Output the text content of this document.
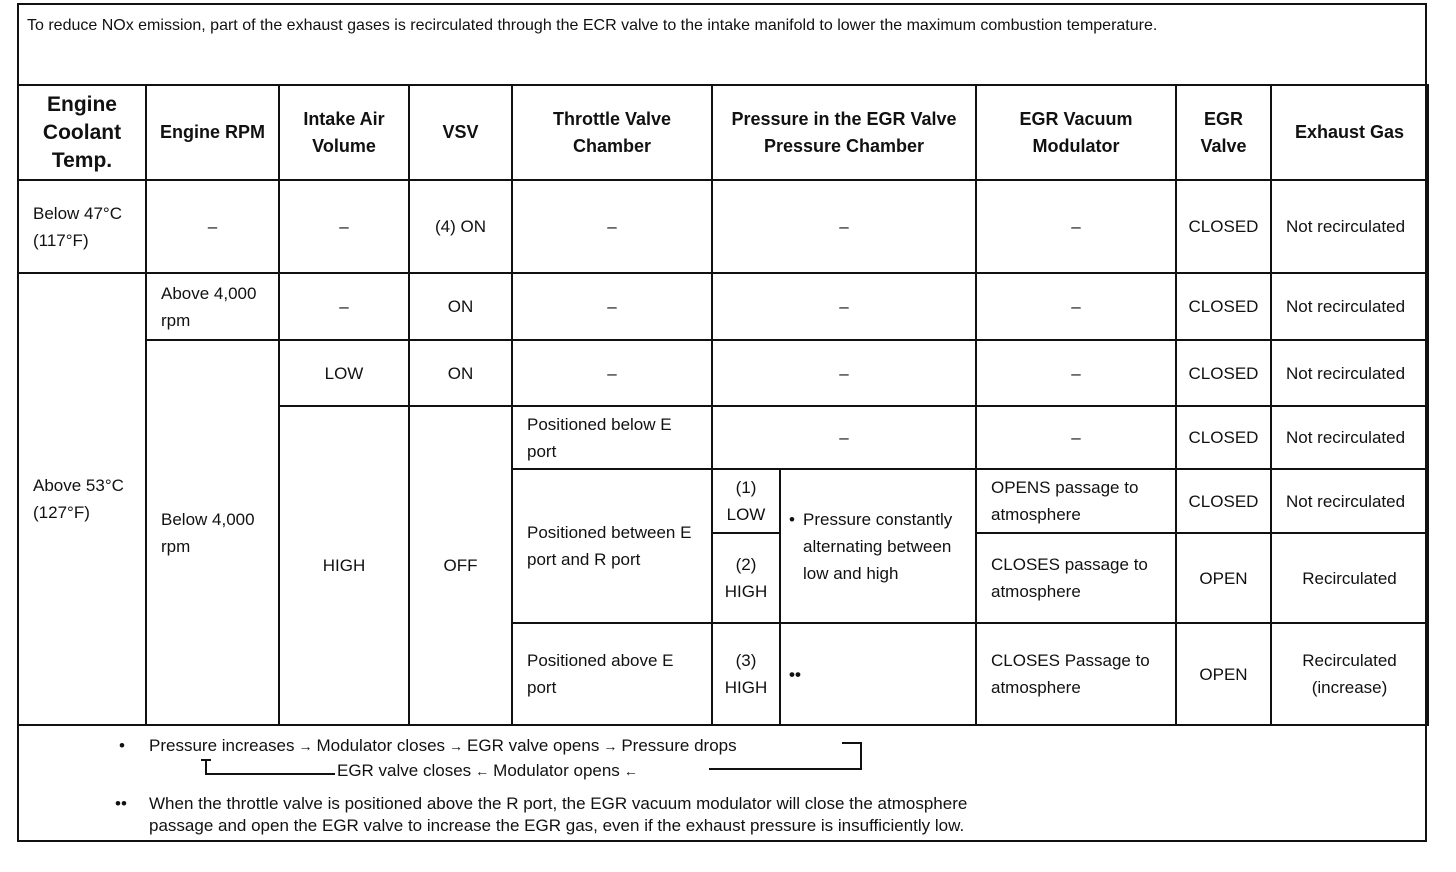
To reduce NOx emission, part of the exhaust gases is recirculated through the ECR valve to the intake manifold to lower the maximum combustion temperature.
Engine Coolant Temp.	Engine RPM	Intake Air Volume	VSV	Throttle Valve Chamber	Pressure in the EGR Valve Pressure Chamber		EGR Vacuum Modulator	EGR Valve	Exhaust Gas
Below 47°C (117°F)	–	–	(4) ON	–	–		–	CLOSED	Not recirculated
Above 53°C (127°F)	Above 4,000 rpm	–	ON	–	–		–	CLOSED	Not recirculated
	Below 4,000 rpm	LOW	ON	–	–		–	CLOSED	Not recirculated
		HIGH	OFF	Positioned below E port	–		–	CLOSED	Not recirculated
				Positioned between E port and R port	(1) LOW	• Pressure constantly alternating between low and high	OPENS passage to atmosphere	CLOSED	Not recirculated
					(2) HIGH		CLOSES passage to atmosphere	OPEN	Recirculated
				Positioned above E port	(3) HIGH	••	CLOSES Passage to atmosphere	OPEN	Recirculated (increase)
• Pressure increases → Modulator closes → EGR valve opens → Pressure drops
EGR valve closes ← Modulator opens ←
•• When the throttle valve is positioned above the R port, the EGR vacuum modulator will close the atmosphere
passage and open the EGR valve to increase the EGR gas, even if the exhaust pressure is insufficiently low.
